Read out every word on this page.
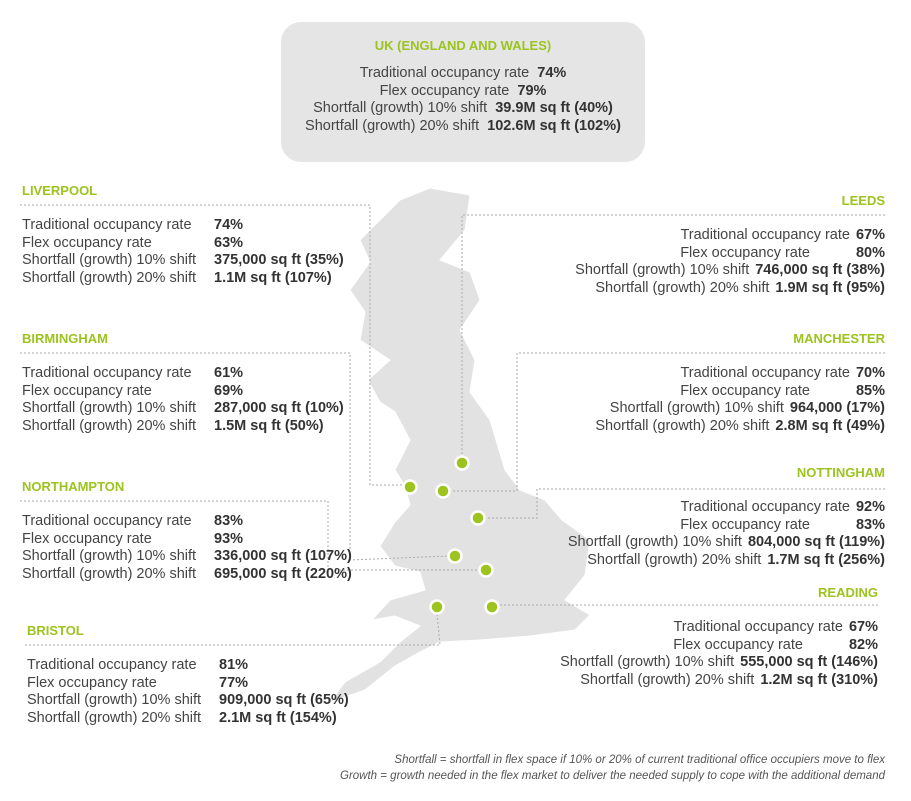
UK (ENGLAND AND WALES)
Traditional occupancy rate 74%
Flex occupancy rate 79%
Shortfall (growth) 10% shift 39.9M sq ft (40%)
Shortfall (growth) 20% shift 102.6M sq ft (102%)
LIVERPOOL
Traditional occupancy rate 74%
Flex occupancy rate	63%
Shortfall (growth) 10% shift 375,000 sq ft (35%)
Shortfall (growth) 20% shift 1.1M sq ft (107%)
BIRMINGHAM
Traditional occupancy rate 61%
Flex occupancy rate	69%
Shortfall (growth) 10% shift 287,000 sq ft (10%)
Shortfall (growth) 20% shift 1.5M sq ft (50%)
NORTHAMPTON
Traditional occupancy rate 83%
Flex occupancy rate	93%
Shortfall (growth) 10% shift 336,000 sq ft (107%)
Shortfall (growth) 20% shift 695,000 sq ft (220%)
BRISTOL
Traditional occupancy rate 81%
Flex occupancy rate	77%
Shortfall (growth) 10% shift 909,000 sq ft (65%)
Shortfall (growth) 20% shift 2.1M sq ft (154%)
LEEDS
Traditional occupancy rate 67%
Flex occupancy rate	80%
Shortfall (growth) 10% shift 746,000 sq ft (38%)
Shortfall (growth) 20% shift 1.9M sq ft (95%)
MANCHESTER
Traditional occupancy rate 70%
Flex occupancy rate	85%
Shortfall (growth) 10% shift 964,000 (17%)
Shortfall (growth) 20% shift 2.8M sq ft (49%)
NOTTINGHAM
Traditional occupancy rate 92%
Flex occupancy rate	83%
Shortfall (growth) 10% shift 804,000 sq ft (119%)
Shortfall (growth) 20% shift 1.7M sq ft (256%)
READING
Traditional occupancy rate 67%
Flex occupancy rate	82%
Shortfall (growth) 10% shift 555,000 sq ft (146%)
Shortfall (growth) 20% shift 1.2M sq ft (310%)
Shortfall = shortfall in flex space if 10% or 20% of current traditional office occupiers move to flex
Growth = growth needed in the flex market to deliver the needed supply to cope with the additional demand
